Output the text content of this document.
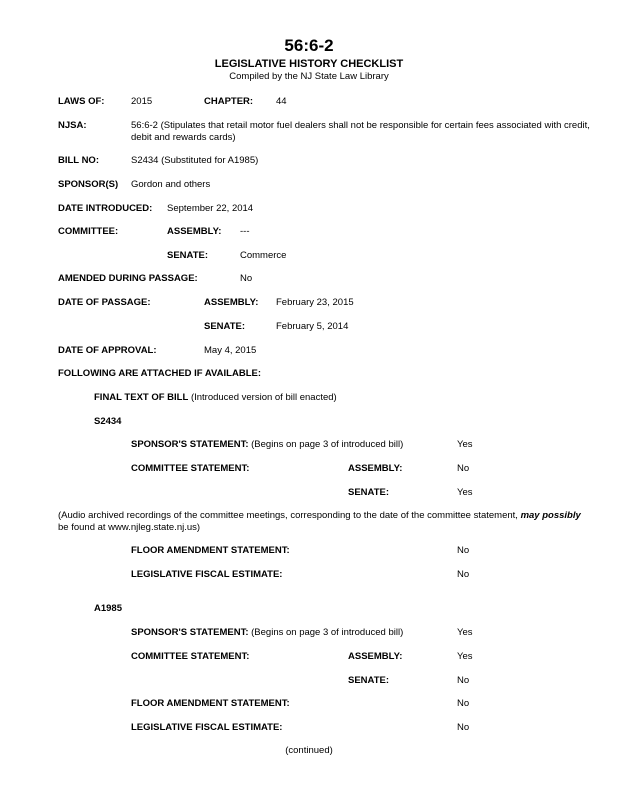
56:6-2
LEGISLATIVE HISTORY CHECKLIST
Compiled by the NJ State Law Library
LAWS OF:	2015	CHAPTER: 44
NJSA:	56:6-2 (Stipulates that retail motor fuel dealers shall not be responsible for certain fees associated with credit, debit and rewards cards)
BILL NO:	S2434 (Substituted for A1985)
SPONSOR(S) Gordon and others
DATE INTRODUCED: September 22, 2014
COMMITTEE:	ASSEMBLY: ---
SENATE:	Commerce
AMENDED DURING PASSAGE:	No
DATE OF PASSAGE:	ASSEMBLY: February 23, 2015
SENATE:	February 5, 2014
DATE OF APPROVAL:	May 4, 2015
FOLLOWING ARE ATTACHED IF AVAILABLE:
FINAL TEXT OF BILL (Introduced version of bill enacted)
S2434
SPONSOR'S STATEMENT: (Begins on page 3 of introduced bill)	Yes
COMMITTEE STATEMENT:	ASSEMBLY:	No
SENATE:	Yes
(Audio archived recordings of the committee meetings, corresponding to the date of the committee statement, may possibly
be found at www.njleg.state.nj.us)
FLOOR AMENDMENT STATEMENT:	No
LEGISLATIVE FISCAL ESTIMATE:	No
A1985
SPONSOR'S STATEMENT: (Begins on page 3 of introduced bill)	Yes
COMMITTEE STATEMENT:	ASSEMBLY:	Yes
SENATE:	No
FLOOR AMENDMENT STATEMENT:	No
LEGISLATIVE FISCAL ESTIMATE:	No
(continued)
